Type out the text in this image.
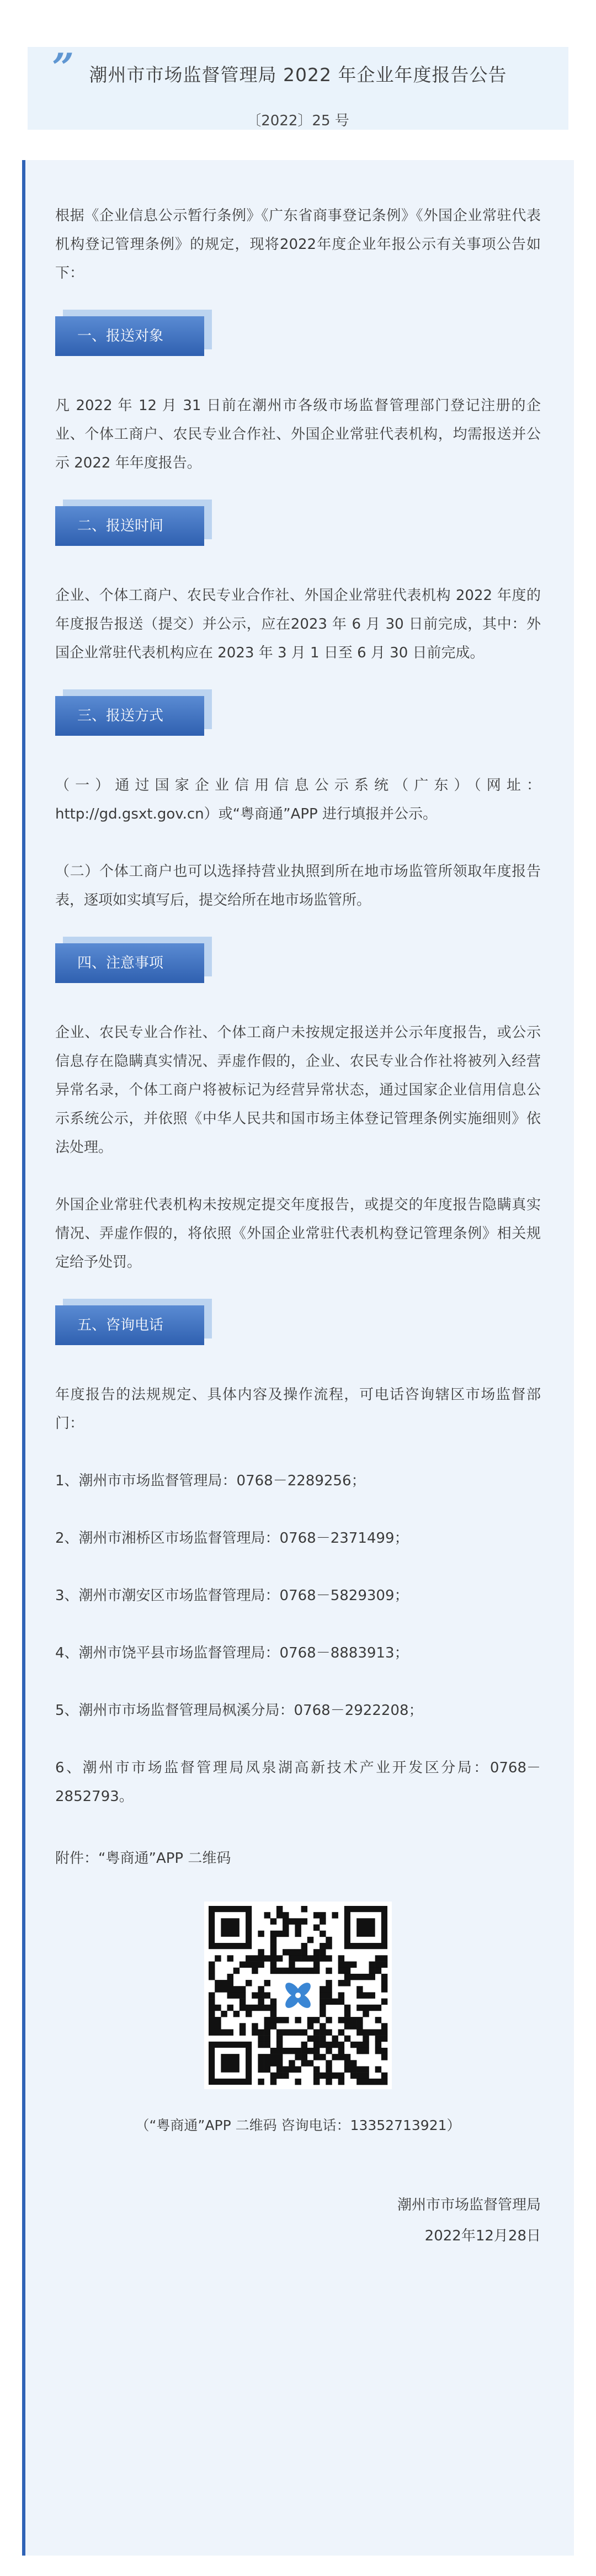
” 潮州市市场监督管理局 2022 年企业年度报告公告
〔2022〕25 号

根据《企业信息公示暂行条例》《广东省商事登记条例》《外国企业常驻代表机构登记管理条例》的规定，现将2022年度企业年报公示有关事项公告如下：

一、报送对象

凡 2022 年 12 月 31 日前在潮州市各级市场监督管理部门登记注册的企业、个体工商户、农民专业合作社、外国企业常驻代表机构，均需报送并公示 2022 年年度报告。

二、报送时间

企业、个体工商户、农民专业合作社、外国企业常驻代表机构 2022 年度的年度报告报送（提交）并公示，应在2023 年 6 月 30 日前完成，其中：外国企业常驻代表机构应在 2023 年 3 月 1 日至 6 月 30 日前完成。

三、报送方式

（一）通过国家企业信用信息公示系统（广东）（网址：http://gd.gsxt.gov.cn）或“粤商通”APP 进行填报并公示。

（二）个体工商户也可以选择持营业执照到所在地市场监管所领取年度报告表，逐项如实填写后，提交给所在地市场监管所。

四、注意事项

企业、农民专业合作社、个体工商户未按规定报送并公示年度报告，或公示信息存在隐瞒真实情况、弄虚作假的，企业、农民专业合作社将被列入经营异常名录，个体工商户将被标记为经营异常状态，通过国家企业信用信息公示系统公示，并依照《中华人民共和国市场主体登记管理条例实施细则》依法处理。

外国企业常驻代表机构未按规定提交年度报告，或提交的年度报告隐瞒真实情况、弄虚作假的，将依照《外国企业常驻代表机构登记管理条例》相关规定给予处罚。

五、咨询电话

年度报告的法规规定、具体内容及操作流程，可电话咨询辖区市场监督部门：

1、潮州市市场监督管理局：0768－2289256；

2、潮州市湘桥区市场监督管理局：0768－2371499；

3、潮州市潮安区市场监督管理局：0768－5829309；

4、潮州市饶平县市场监督管理局：0768－8883913；

5、潮州市市场监督管理局枫溪分局：0768－2922208；

6、潮州市市场监督管理局凤泉湖高新技术产业开发区分局：0768－2852793。

附件：“粤商通”APP 二维码

（“粤商通”APP 二维码 咨询电话：13352713921）

潮州市市场监督管理局

2022年12月28日
